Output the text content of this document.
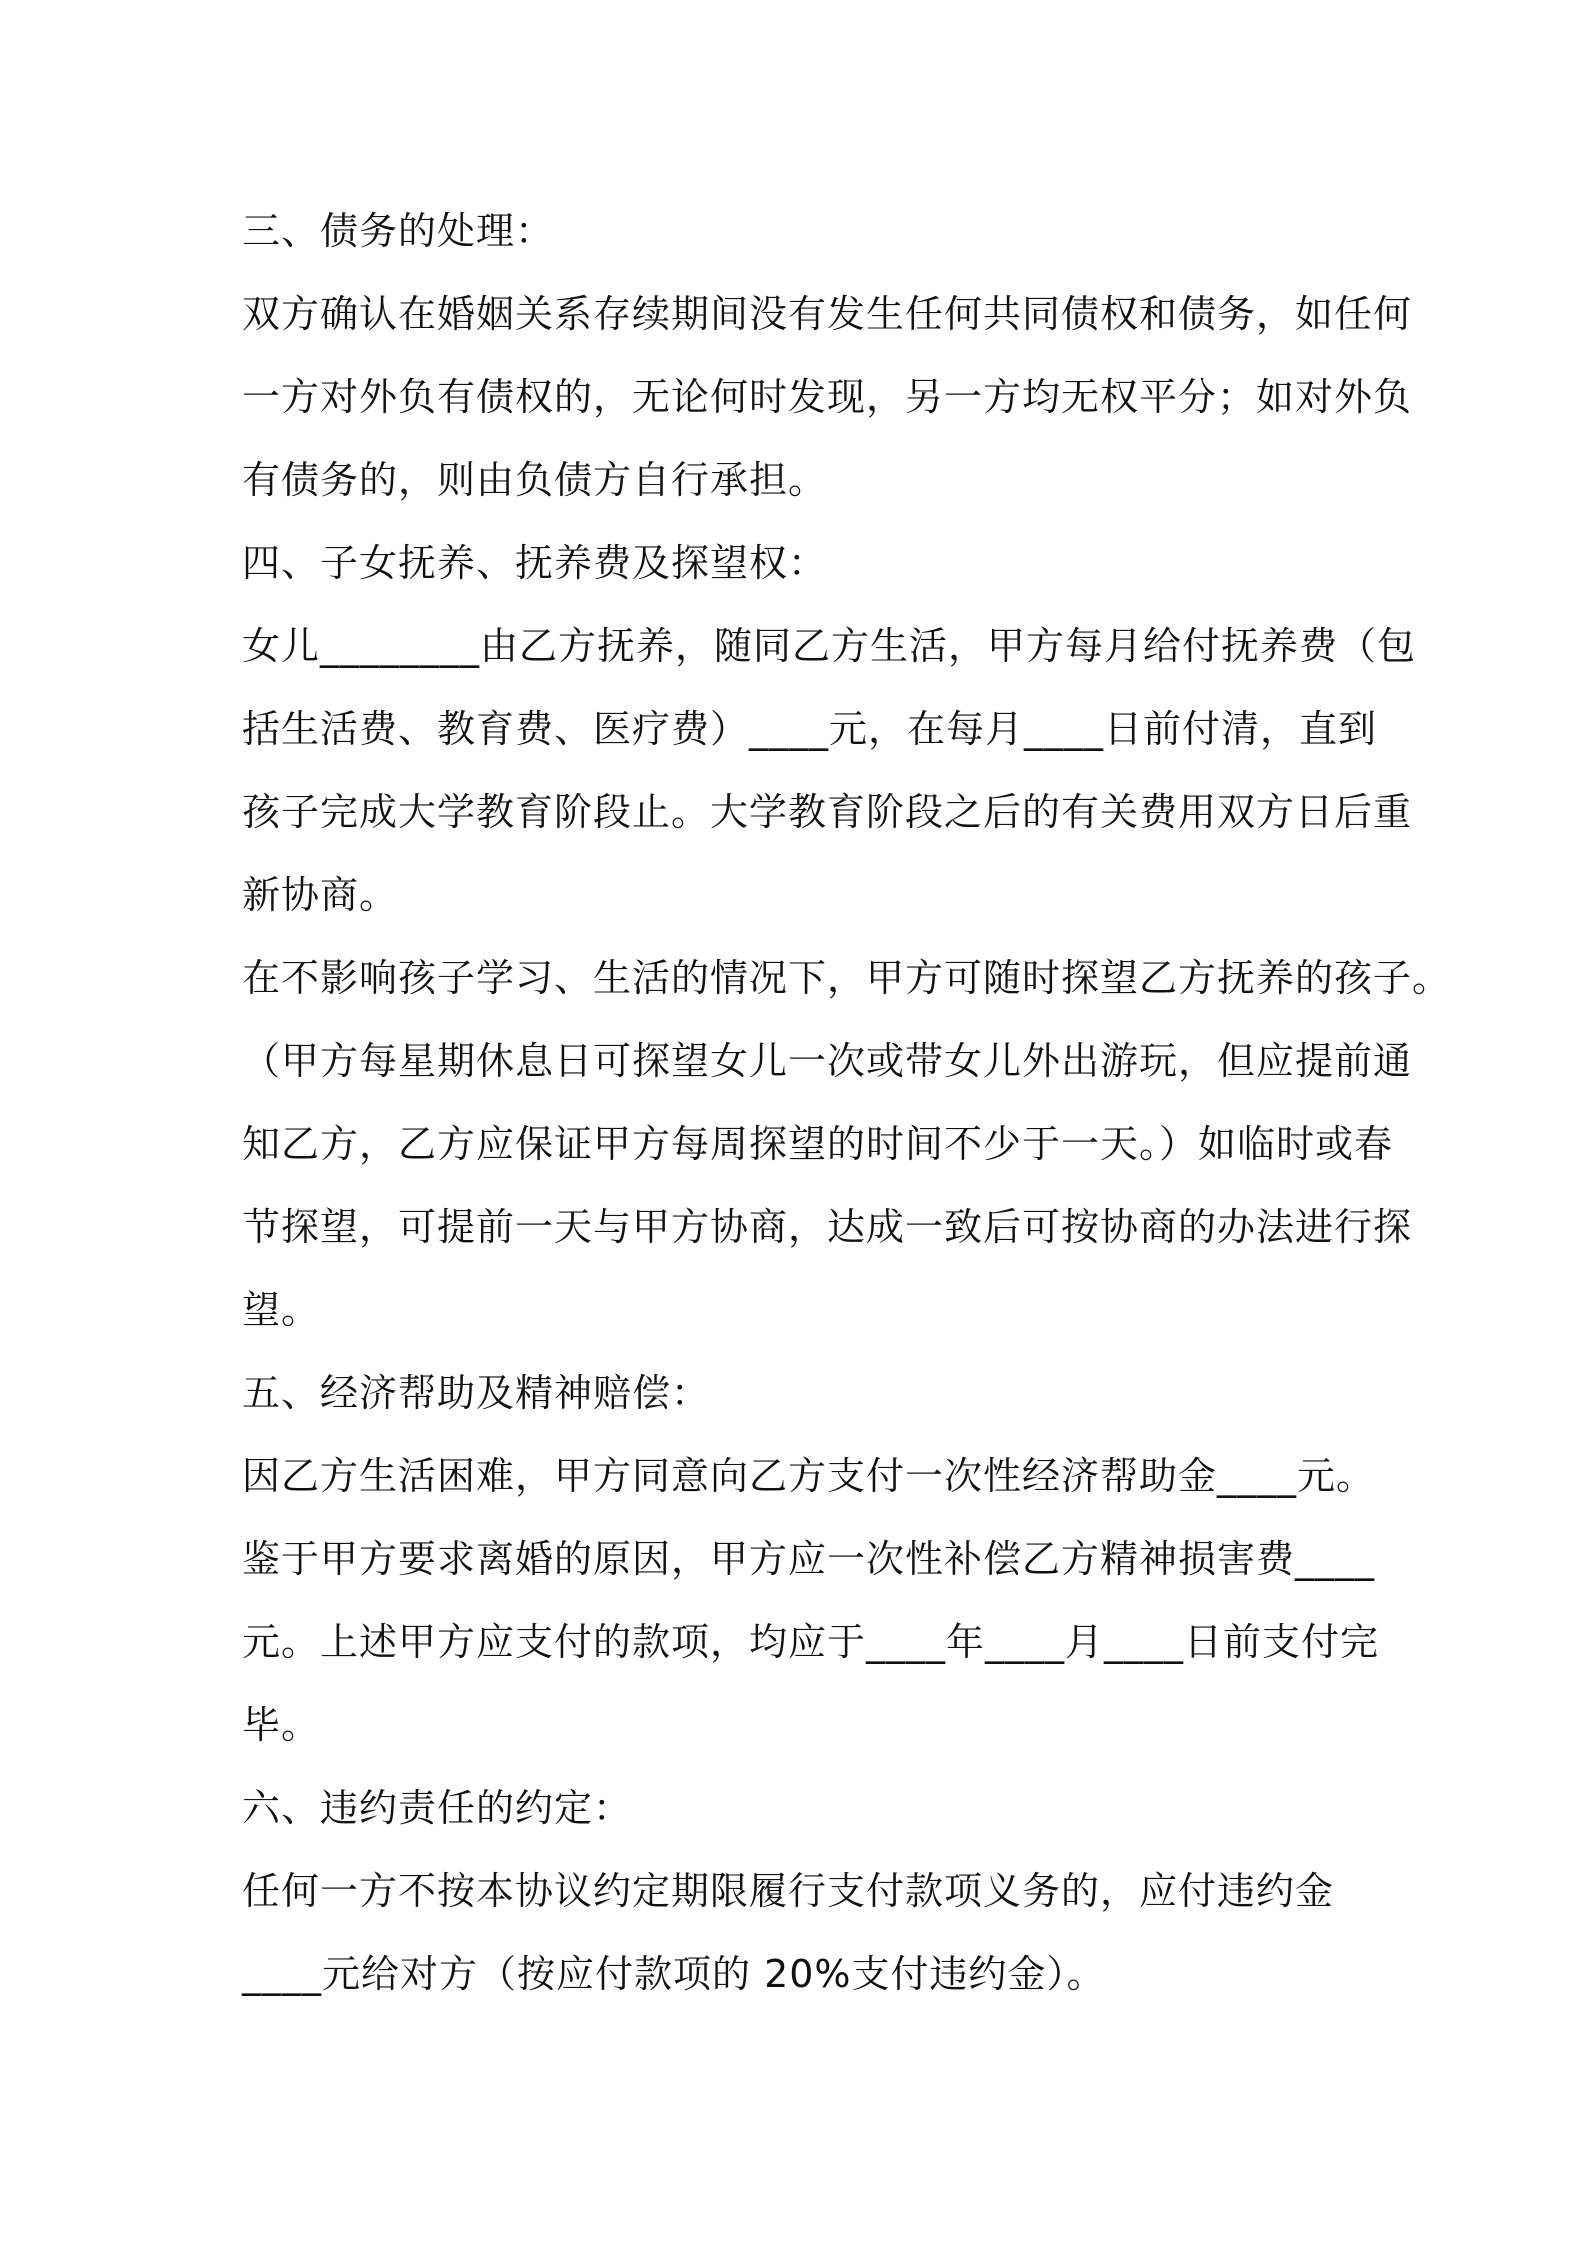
三、债务的处理：
双方确认在婚姻关系存续期间没有发生任何共同债权和债务，如任何
一方对外负有债权的，无论何时发现，另一方均无权平分；如对外负
有债务的，则由负债方自行承担。
四、子女抚养、抚养费及探望权：
女儿________由乙方抚养，随同乙方生活，甲方每月给付抚养费（包
括生活费、教育费、医疗费）____元，在每月____日前付清，直到
孩子完成大学教育阶段止。大学教育阶段之后的有关费用双方日后重
新协商。
在不影响孩子学习、生活的情况下，甲方可随时探望乙方抚养的孩子。
（甲方每星期休息日可探望女儿一次或带女儿外出游玩，但应提前通
知乙方，乙方应保证甲方每周探望的时间不少于一天。）如临时或春
节探望，可提前一天与甲方协商，达成一致后可按协商的办法进行探
望。
五、经济帮助及精神赔偿：
因乙方生活困难，甲方同意向乙方支付一次性经济帮助金____元。
鉴于甲方要求离婚的原因，甲方应一次性补偿乙方精神损害费____
元。上述甲方应支付的款项，均应于____年____月____日前支付完
毕。
六、违约责任的约定：
任何一方不按本协议约定期限履行支付款项义务的，应付违约金
____元给对方（按应付款项的 20%支付违约金）。
